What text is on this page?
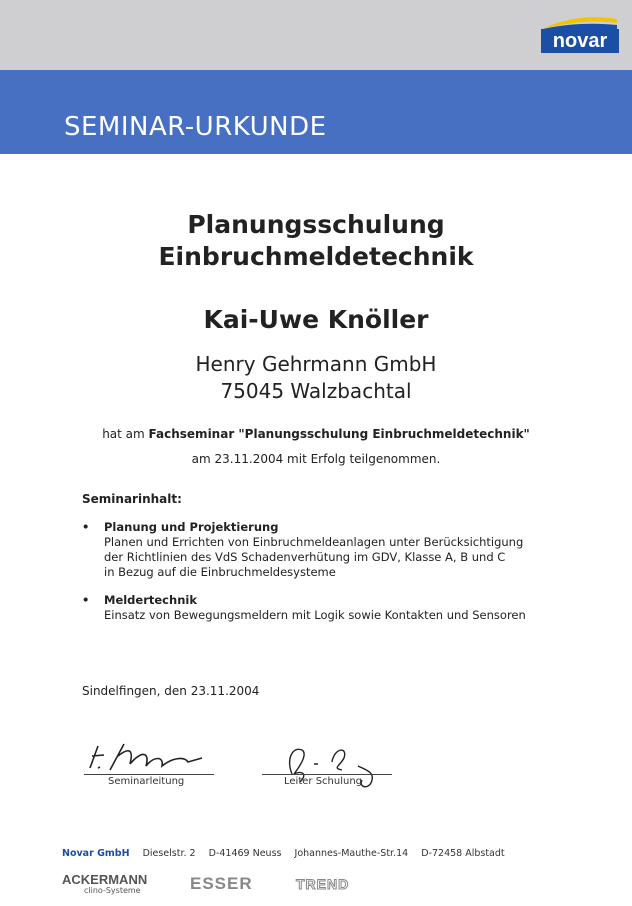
novar
SEMINAR-URKUNDE
Planungsschulung
Einbruchmeldetechnik
Kai-Uwe Knöller
Henry Gehrmann GmbH
75045 Walzbachtal
hat am Fachseminar "Planungsschulung Einbruchmeldetechnik"
am 23.11.2004 mit Erfolg teilgenommen.
Seminarinhalt:
• Planung und Projektierung
Planen und Errichten von Einbruchmeldeanlagen unter Berücksichtigung
der Richtlinien des VdS Schadenverhütung im GDV, Klasse A, B und C
in Bezug auf die Einbruchmeldesysteme
• Meldertechnik
Einsatz von Bewegungsmeldern mit Logik sowie Kontakten und Sensoren
Sindelfingen, den 23.11.2004
Seminarleitung	Leiter Schulung
Novar GmbH Dieselstr. 2 D-41469 Neuss Johannes-Mauthe-Str.14 D-72458 Albstadt
ACKERMANN
clino-Systeme	ESSER	TREND
